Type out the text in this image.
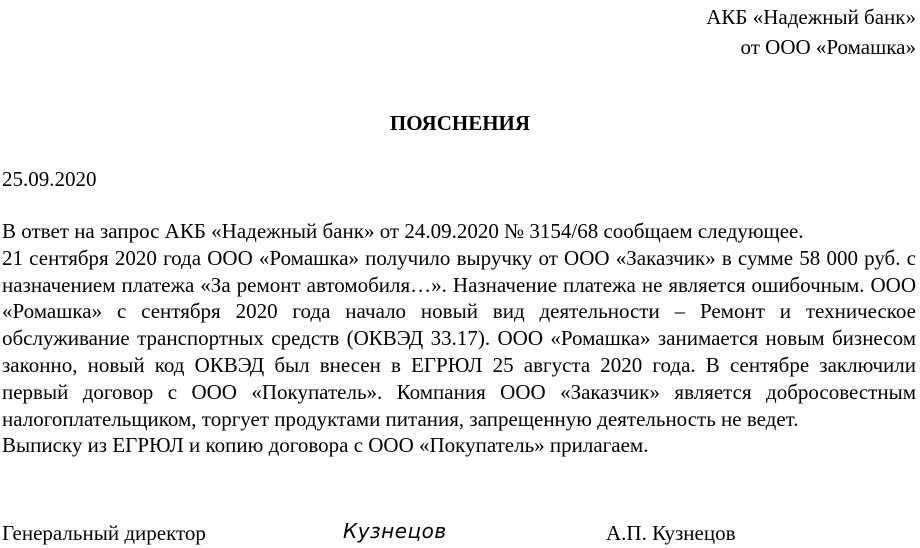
АКБ «Надежный банк»
от ООО «Ромашка»
ПОЯСНЕНИЯ
25.09.2020
В ответ на запрос АКБ «Надежный банк» от 24.09.2020 № 3154/68 сообщаем следующее.
21 сентября 2020 года ООО «Ромашка» получило выручку от ООО «Заказчик» в сумме 58 000 руб. с назначением платежа «За ремонт автомобиля…». Назначение платежа не является ошибочным. ООО «Ромашка» с сентября 2020 года начало новый вид деятельности – Ремонт и техническое обслуживание транспортных средств (ОКВЭД 33.17). ООО «Ромашка» занимается новым бизнесом законно, новый код ОКВЭД был внесен в ЕГРЮЛ 25 августа 2020 года. В сентябре заключили первый договор с ООО «Покупатель». Компания ООО «Заказчик» является добросовестным налогоплательщиком, торгует продуктами питания, запрещенную деятельность не ведет.
Выписку из ЕГРЮЛ и копию договора с ООО «Покупатель» прилагаем.
Генеральный директор	Кузнецов	А.П. Кузнецов
